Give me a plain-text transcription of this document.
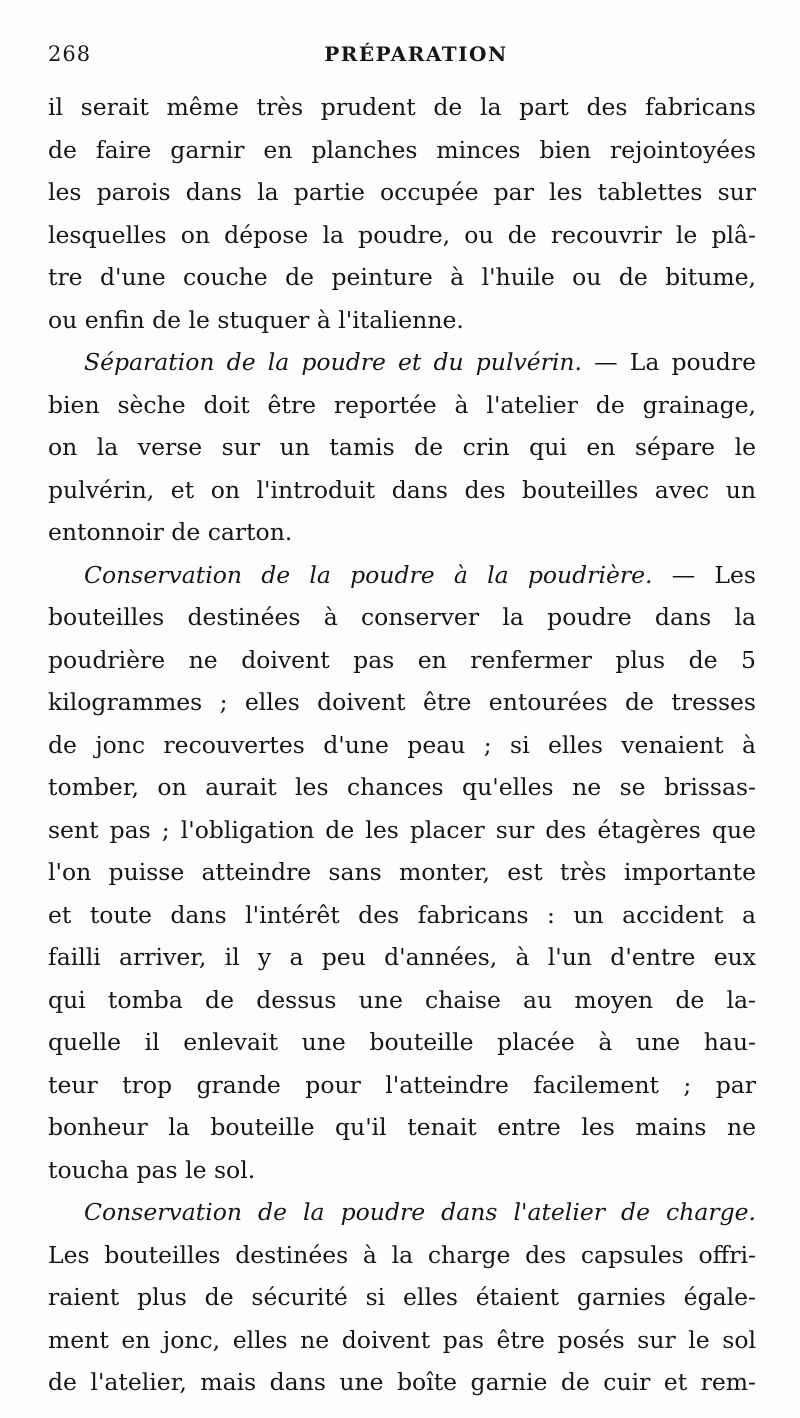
268	PRÉPARATION
il serait même très prudent de la part des fabricans
de faire garnir en planches minces bien rejointoyées
les parois dans la partie occupée par les tablettes sur
lesquelles on dépose la poudre, ou de recouvrir le plâ-
tre d'une couche de peinture à l'huile ou de bitume,
ou enfin de le stuquer à l'italienne.
Séparation de la poudre et du pulvérin. — La poudre
bien sèche doit être reportée à l'atelier de grainage,
on la verse sur un tamis de crin qui en sépare le
pulvérin, et on l'introduit dans des bouteilles avec un
entonnoir de carton.
Conservation de la poudre à la poudrière. — Les
bouteilles destinées à conserver la poudre dans la
poudrière ne doivent pas en renfermer plus de 5
kilogrammes ; elles doivent être entourées de tresses
de jonc recouvertes d'une peau ; si elles venaient à
tomber, on aurait les chances qu'elles ne se brissas-
sent pas ; l'obligation de les placer sur des étagères que
l'on puisse atteindre sans monter, est très importante
et toute dans l'intérêt des fabricans : un accident a
failli arriver, il y a peu d'années, à l'un d'entre eux
qui tomba de dessus une chaise au moyen de la-
quelle il enlevait une bouteille placée à une hau-
teur trop grande pour l'atteindre facilement ; par
bonheur la bouteille qu'il tenait entre les mains ne
toucha pas le sol.
Conservation de la poudre dans l'atelier de charge.
Les bouteilles destinées à la charge des capsules offri-
raient plus de sécurité si elles étaient garnies égale-
ment en jonc, elles ne doivent pas être posés sur le sol
de l'atelier, mais dans une boîte garnie de cuir et rem-
